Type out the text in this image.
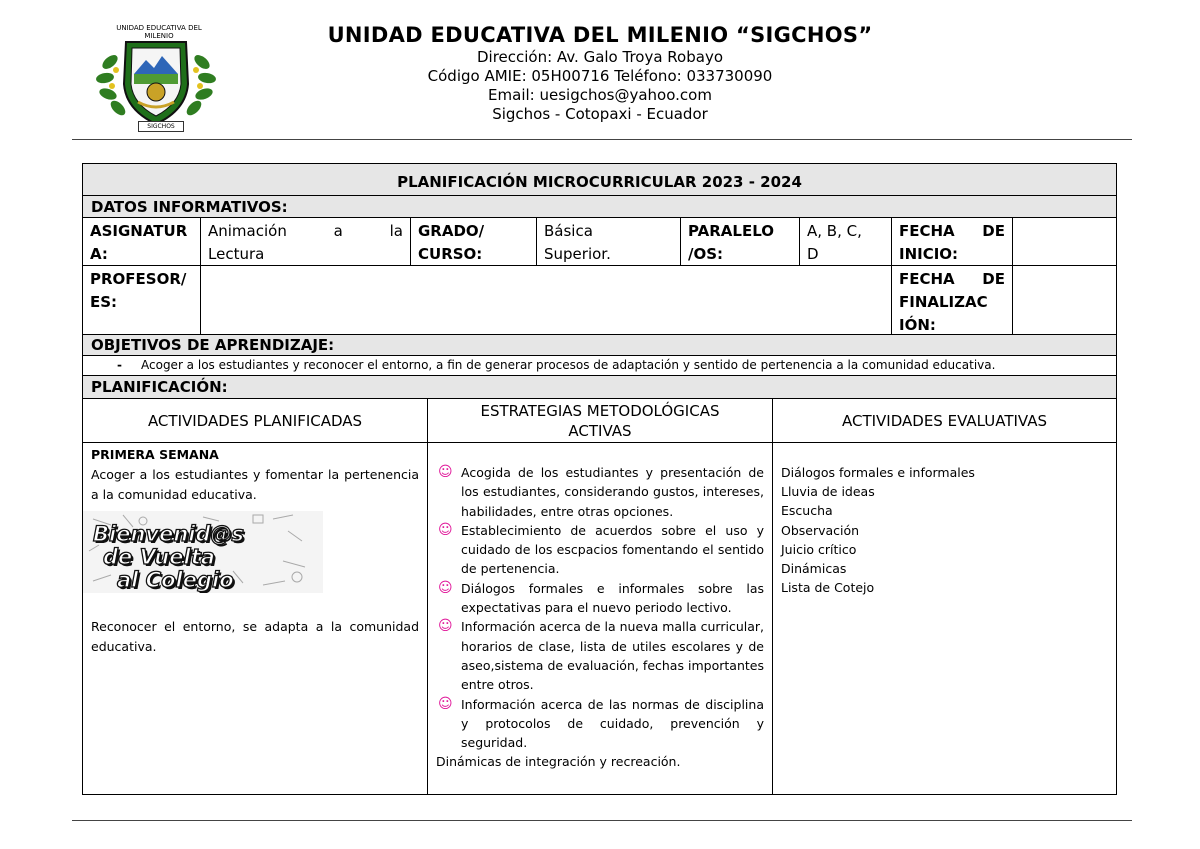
UNIDAD EDUCATIVA DEL MILENIO
SIGCHOS
UNIDAD EDUCATIVA DEL MILENIO “SIGCHOS”
Dirección: Av. Galo Troya Robayo
Código AMIE: 05H00716 Teléfono: 033730090
Email: uesigchos@yahoo.com
Sigchos - Cotopaxi - Ecuador
PLANIFICACIÓN MICROCURRICULAR 2023 - 2024
DATOS INFORMATIVOS:
ASIGNATUR
A:
Animación	a	la
Lectura
GRADO/
CURSO:
Básica
Superior.
PARALELO
/OS:
A, B, C,
D
FECHA DE
INICIO:
PROFESOR/
ES:
FECHA DE
FINALIZAC
IÓN:
OBJETIVOS DE APRENDIZAJE:
- Acoger a los estudiantes y reconocer el entorno, a fin de generar procesos de adaptación y sentido de pertenencia a la comunidad educativa.
PLANIFICACIÓN:
ACTIVIDADES PLANIFICADAS
ESTRATEGIAS METODOLÓGICAS ACTIVAS
ACTIVIDADES EVALUATIVAS
PRIMERA SEMANA
Acoger a los estudiantes y fomentar la pertenencia a la comunidad educativa.
Bienvenid@s
de Vuelta
al Colegio
Reconocer el entorno, se adapta a la comunidad educativa.
☺ Acogida de los estudiantes y presentación de los estudiantes, considerando gustos, intereses, habilidades, entre otras opciones.
☺ Establecimiento de acuerdos sobre el uso y cuidado de los escpacios fomentando el sentido de pertenencia.
☺ Diálogos formales e informales sobre las expectativas para el nuevo periodo lectivo.
☺ Información acerca de la nueva malla curricular, horarios de clase, lista de utiles escolares y de aseo,sistema de evaluación, fechas importantes entre otros.
☺ Información acerca de las normas de disciplina y protocolos de cuidado, prevención y seguridad.
Dinámicas de integración y recreación.
Diálogos formales e informales
Lluvia de ideas
Escucha
Observación
Juicio crítico
Dinámicas
Lista de Cotejo
